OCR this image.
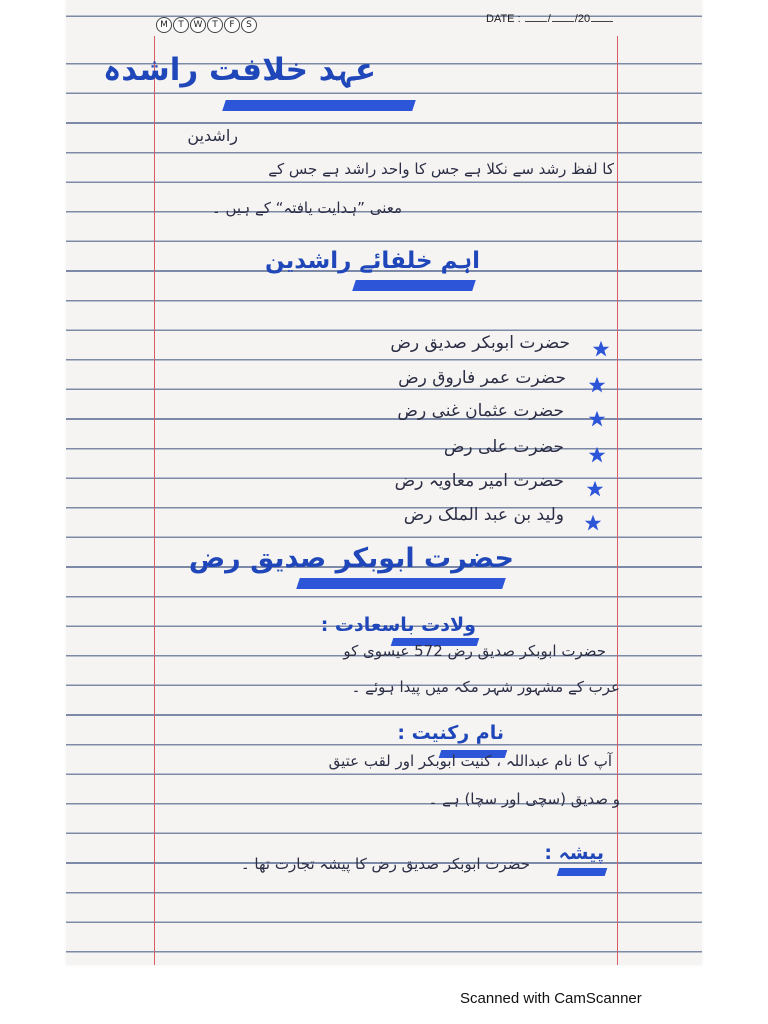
M	T	W	T	F	S	DATE : / /20
عہد خلافت راشدہ
راشدین
کا لفظ رشد سے نکلا ہے جس کا واحد راشد ہے جس کے
معنی ”ہدایت یافتہ“ کے ہیں ۔
اہم خلفائے راشدین
حضرت ابوبکر صدیق رض
حضرت عمر فاروق رض
حضرت عثمان غنی رض
حضرت علی رض
حضرت امیر معاویہ رض
ولید بن عبد الملک رض
حضرت ابوبکر صدیق رض
ولادت باسعادت :
حضرت ابوبکر صدیق رض 572 عیسوی کو
عرب کے مشہور شہر مکہ میں پیدا ہوئے ۔
نام رکنیت :
آپ کا نام عبداللہ ، کنیت ابوبکر اور لقب عتیق
و صدیق (سچی اور سچا) ہے ۔
پیشہ :
حضرت ابوبکر صدیق رض کا پیشہ تجارت تھا ۔
Scanned with CamScanner
